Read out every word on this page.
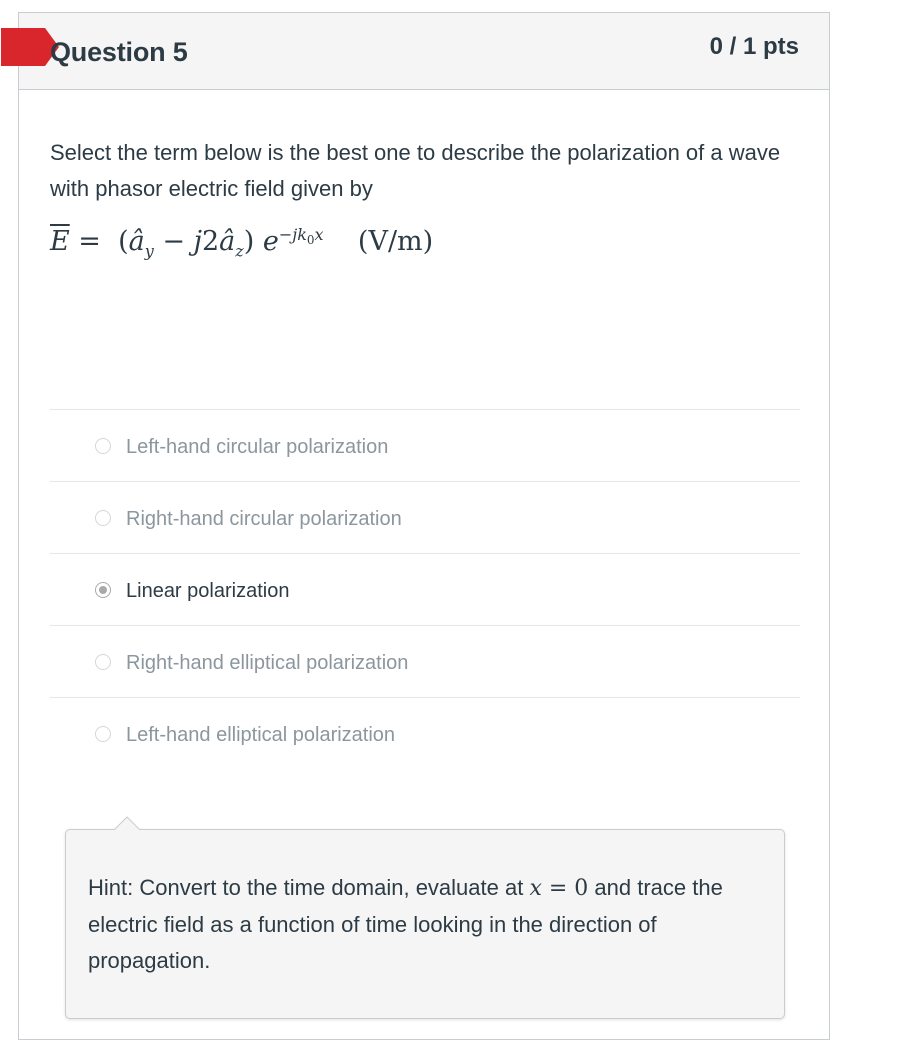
Question 5	0 / 1 pts
Select the term below is the best one to describe the polarization of a wave with phasor electric field given by
$\overline{E}$ =  ($â_y$ − $j2â_z$) $e^{-jk_0x}$ (V/m)
Left-hand circular polarization
Right-hand circular polarization
Linear polarization
Right-hand elliptical polarization
Left-hand elliptical polarization
Hint: Convert to the time domain, evaluate at x = 0 and trace the electric field as a function of time looking in the direction of propagation.
